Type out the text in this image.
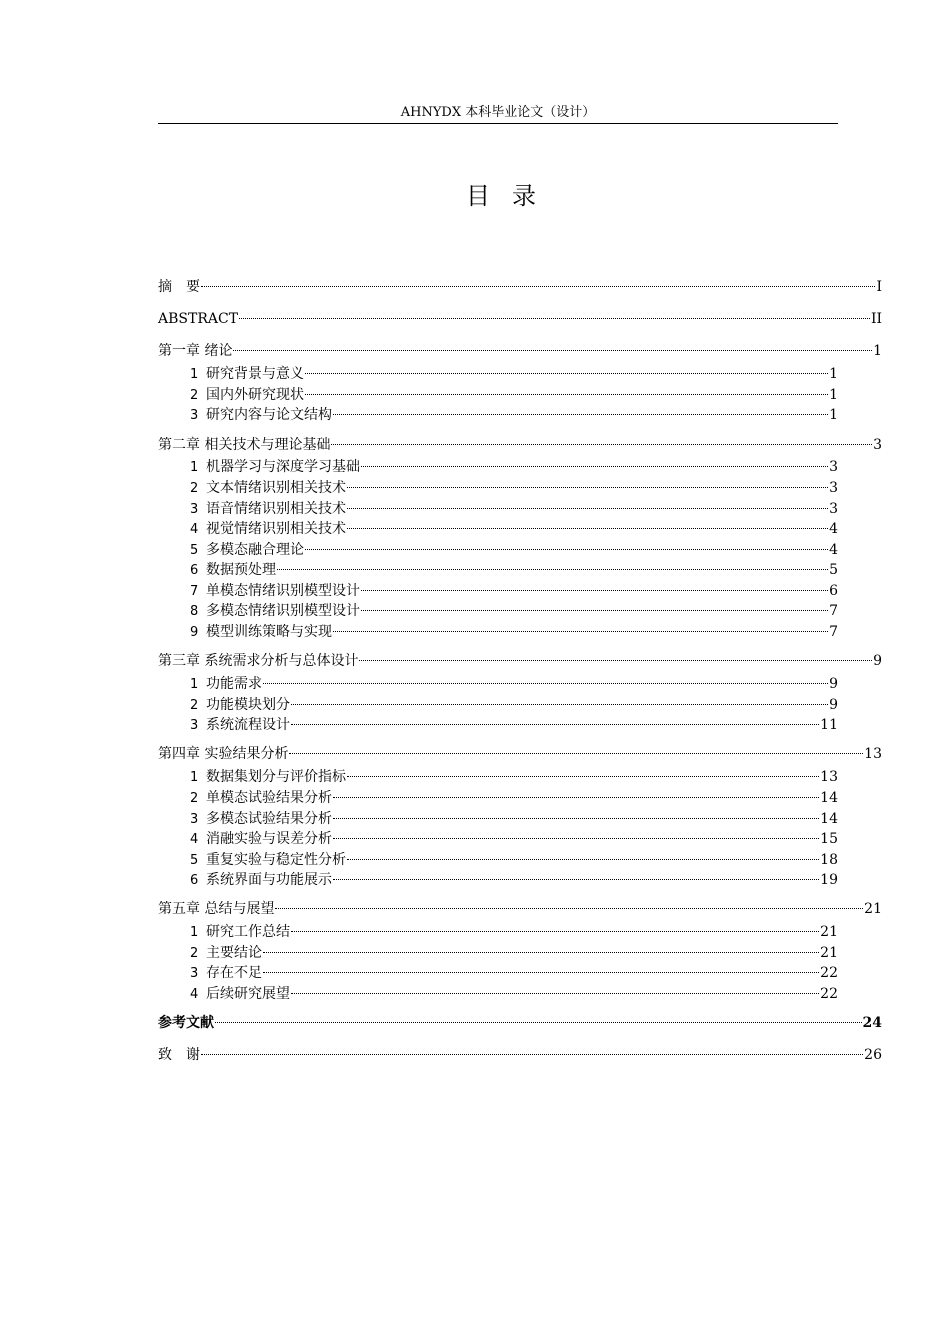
AHNYDX 本科毕业论文（设计）
目录
摘　要	I
ABSTRACT	II
第一章 绪论	1
1 研究背景与意义	1
2 国内外研究现状	1
3 研究内容与论文结构	1
第二章 相关技术与理论基础	3
1 机器学习与深度学习基础	3
2 文本情绪识别相关技术	3
3 语音情绪识别相关技术	3
4 视觉情绪识别相关技术	4
5 多模态融合理论	4
6 数据预处理	5
7 单模态情绪识别模型设计	6
8 多模态情绪识别模型设计	7
9 模型训练策略与实现	7
第三章 系统需求分析与总体设计	9
1 功能需求	9
2 功能模块划分	9
3 系统流程设计	11
第四章 实验结果分析	13
1 数据集划分与评价指标	13
2 单模态试验结果分析	14
3 多模态试验结果分析	14
4 消融实验与误差分析	15
5 重复实验与稳定性分析	18
6 系统界面与功能展示	19
第五章 总结与展望	21
1 研究工作总结	21
2 主要结论	21
3 存在不足	22
4 后续研究展望	22
参考文献	24
致　谢	26
